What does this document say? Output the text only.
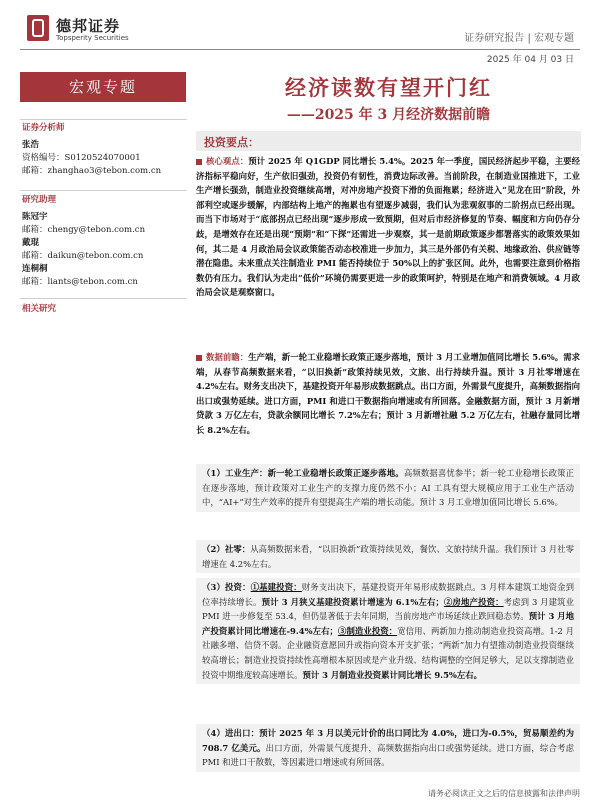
德邦证券
Topsperity Securities	证券研究报告 | 宏观专题
2025 年 04 月 03 日
宏观专题	经济读数有望开门红
——2025 年 3 月经济数据前瞻
证券分析师
张浩
资格编号：S0120524070001
邮箱：zhanghao3@tebon.com.cn
研究助理
陈冠宇
邮箱：chengy@tebon.com.cn
戴琨
邮箱：daikun@tebon.com.cn
连桐桐
邮箱：liants@tebon.com.cn
相关研究
投资要点：
核心观点：预计 2025 年 Q1GDP 同比增长 5.4%。2025 年一季度，国民经济起步平稳，主要经济指标平稳向好，生产依旧强劲，投资仍有韧性，消费边际改善。当前阶段，在制造业国推进下，工业生产增长强劲，制造业投资继续高增，对冲房地产投资下滑的负面拖累；经济进入“见龙在田”阶段，外部利空或逐步缓解，内部结构上地产的拖累也有望逐步减弱，我们认为悲观叙事的二阶拐点已经出现。而当下市场对于“底部拐点已经出现”逐步形成一致预期，但对后市经济修复的节奏、幅度和方向仍存分歧，是增效存在还是出现“预期”和“下探”还需进一步观察，其一是前期政策逐步都署落实的政策效果如何，其二是 4 月政治局会议政策能否动态校准进一步加力，其三是外部仍有关税、地缘政治、供应链等潜在隐患。未来重点关注制造业 PMI 能否持续位于 50%以上的扩张区间。此外，也需要注意到价格指数仍有压力。我们认为走出“低价”环境仍需要更进一步的政策呵护，特别是在地产和消费领域。4 月政治局会议是观察窗口。
数据前瞻：生产端，新一轮工业稳增长政策正逐步落地，预计 3 月工业增加值同比增长 5.6%。需求端，从春节高频数据来看，“以旧换新”政策持续见效，文旅、出行持续升温。预计 3 月社零增速在 4.2%左右。财务支出决下，基建投资开年易形成数据跳点。出口方面，外需景气度提升，高频数据指向出口或强势延续。进口方面，PMI 和进口干数据指向增速或有所回落。金融数据方面，预计 3 月新增贷款 3 万亿左右，贷款余额同比增长 7.2%左右；预计 3 月新增社融 5.2 万亿左右，社融存量同比增长 8.2%左右。
（1）工业生产：新一轮工业稳增长政策正逐步落地。高频数据喜忧参半；新一轮工业稳增长政策正在逐步落地，预计政策对工业生产的支撑力度仍然不小；AI 工具有望大规模应用于工业生产活动中，“AI+”对生产效率的提升有望提高生产端的增长动能。预计 3 月工业增加值同比增长 5.6%。
（2）社零：从高频数据来看，“以旧换新”政策持续见效，餐饮、文旅持续升温。我们预计 3 月社零增速在 4.2%左右。
（3）投资：①基建投资：财务支出决下，基建投资开年易形成数据跳点。3 月样本建筑工地资金到位率持续增长。预计 3 月狭义基建投资累计增速为 6.1%左右；②房地产投资：考虑到 3 月建筑业 PMI 进一步修复至 53.4，但仍显著低于去年同期，当前房地产市场延续止跌回稳态势。预计 3 月地产投资累计同比增速在-9.4%左右；③制造业投资：宽信用、两新加力推动制造业投资高增。1-2 月社融多增、信贷不弱。企业融资意愿回升或指向资本开支扩张；“两新”加力有望推动制造业投资继续较高增长；制造业投资持续性高增根本原因或是产业升级、结构调整的空间足够大，足以支撑制造业投资中期维度较高速增长。预计 3 月制造业投资累计同比增长 9.5%左右。
（4）进出口：预计 2025 年 3 月以美元计价的出口同比为 4.0%，进口为-0.5%，贸易顺差约为 708.7 亿美元。出口方面，外需景气度提升，高频数据指向出口或强势延续。进口方面，综合考虑 PMI 和进口干散数，等因素进口增速或有所回落。
请务必阅读正文之后的信息披露和法律声明
